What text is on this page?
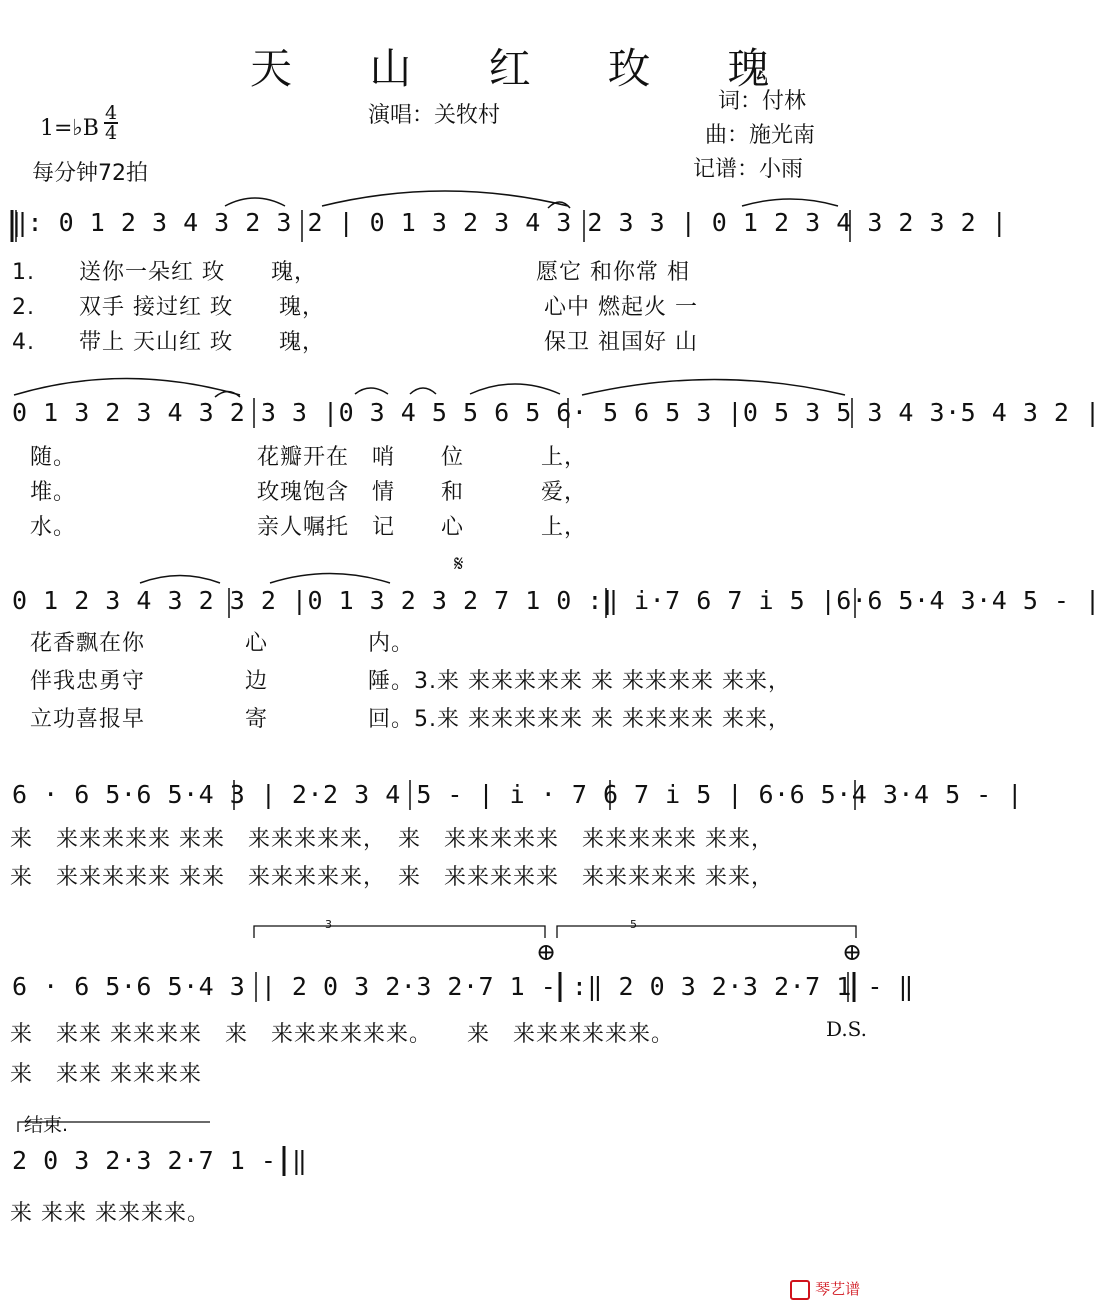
天 山 红 玫 瑰
演唱：关牧村
词：付林
曲：施光南
记谱：小雨
1=♭B
4
4
每分钟72拍
‖: 0 1 2 3 4 3 2 3 2 | 0 1 3 2 3 4 3 2 3 3 | 0 1 2 3 4 3 2 3 2 |
1. 送你一朵红 玫　　瑰，　　　　　　　　　　愿它 和你常 相
2. 双手 接过红 玫　　瑰，　　　　　　　　　　心中 燃起火 一
4. 带上 天山红 玫　　瑰，　　　　　　　　　　保卫 祖国好 山
0 1 3 2 3 4 3 2 3 3 |0 3 4 5 5 6 5 6· 5 6 5 3 |0 5 3 5 3 4 3·5 4 3 2 |
随。　　　　　　　　 花瓣开在　哨　　位　　　 上，
堆。　　　　　　　　 玫瑰饱含　情　　和　　　 爱，
水。　　　　　　　　 亲人嘱托　记　　心　　　 上，
𝄋
0 1 2 3 4 3 2 3 2 |0 1 3 2 3 2 7 1 0 :‖ i·7 6 7 i 5 |6·6 5·4 3·4 5 - |
花香飘在你　　　　 心　　　　 内。
伴我忠勇守　　　　 边　　　　 陲。3.来 来来来来来 来 来来来来 来来，
立功喜报早　　　　 寄　　　　 回。5.来 来来来来来 来 来来来来 来来，
6 · 6 5·6 5·4 3 | 2·2 3 4 5 - | i · 7 6 7 i 5 | 6·6 5·4 3·4 5 - |
来　来来来来来 来来　来来来来来，　来　来来来来来　来来来来来 来来，
来　来来来来来 来来　来来来来来，　来　来来来来来　来来来来来 来来，
3	5
⊕	⊕
6 · 6 5·6 5·4 3 | 2 0 3 2·3 2·7 1 - :‖ 2 0 3 2·3 2·7 1 - ‖
来　来来 来来来来　来　来来来来来来。　　来　来来来来来来。	D.S.
来　来来 来来来来
结束.
2 0 3 2·3 2·7 1 - ‖
来 来来 来来来来。
琴艺谱
